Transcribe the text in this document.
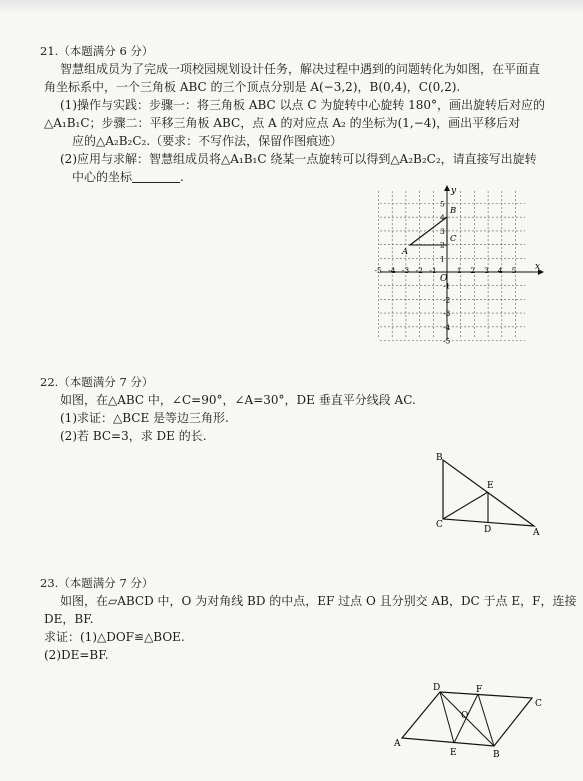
21.（本题满分 6 分）
智慧组成员为了完成一项校园规划设计任务，解决过程中遇到的问题转化为如图，在平面直
角坐标系中，一个三角板 ABC 的三个顶点分别是 A(−3,2)，B(0,4)，C(0,2).
(1)操作与实践：步骤一：将三角板 ABC 以点 C 为旋转中心旋转 180°，画出旋转后对应的
△A₁B₁C；步骤二：平移三角板 ABC，点 A 的对应点 A₂ 的坐标为(1,−4)，画出平移后对
应的△A₂B₂C₂.（要求：不写作法，保留作图痕迹）
(2)应用与求解：智慧组成员将△A₁B₁C 绕某一点旋转可以得到△A₂B₂C₂，请直接写出旋转
中心的坐标	.
x
y
O
-5 -4 -3 -2 -1	1 2 3 4 5
5
4
3
2
1
-1
-2
-3
-4
-5
A
B
C
22.（本题满分 7 分）
如图，在△ABC 中，∠C=90°，∠A=30°，DE 垂直平分线段 AC.
(1)求证：△BCE 是等边三角形.
(2)若 BC=3，求 DE 的长.
B
E
C	D	A
23.（本题满分 7 分）
如图，在▱ABCD 中，O 为对角线 BD 的中点，EF 过点 O 且分别交 AB，DC 于点 E，F，连接
DE，BF.
求证：(1)△DOF≌△BOE.
(2)DE=BF.
D	F
C
O
A
E	B
